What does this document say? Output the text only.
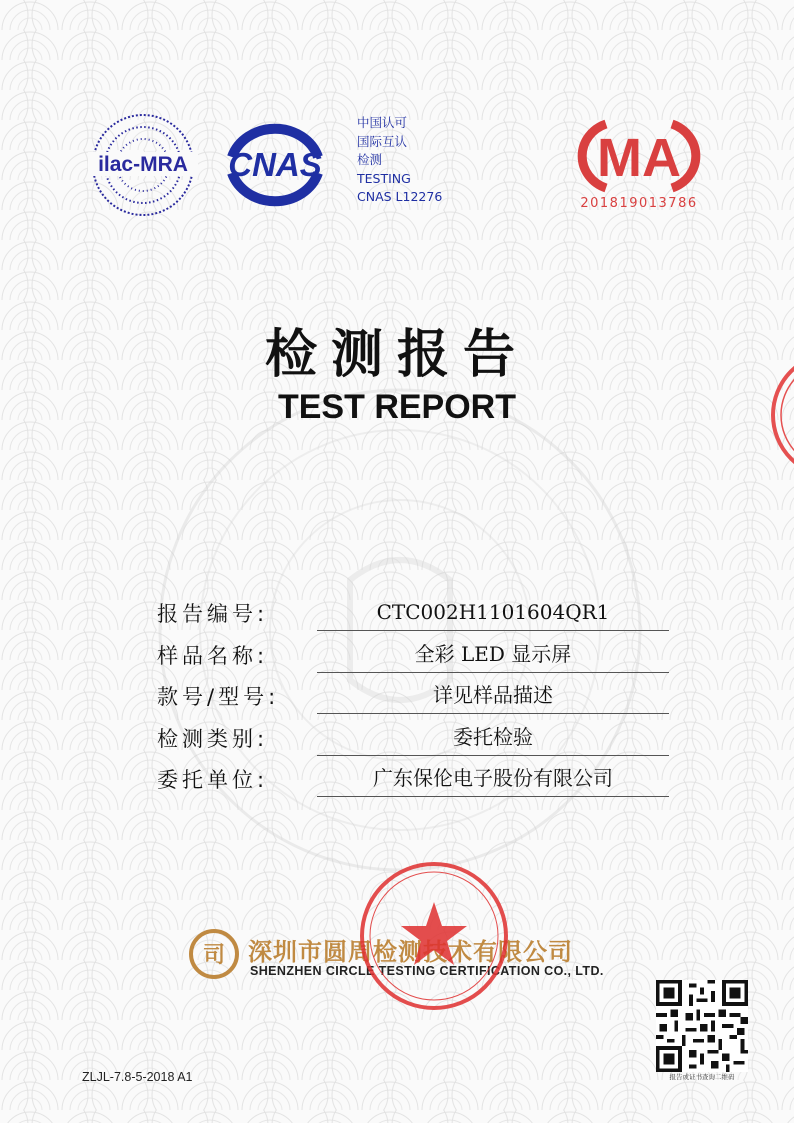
ilac-MRA CNAS
中国认可
国际互认
检测
TESTING
CNAS L12276
MA
201819013786
检测报告
TEST REPORT
报告编号:	CTC002H1101604QR1
样品名称:	全彩 LED 显示屏
款号/型号:	详见样品描述
检测类别:	委托检验
委托单位:	广东保伦电子股份有限公司
司 深圳市圆周检测技术有限公司
SHENZHEN CIRCLE TESTING CERTIFICATION CO., LTD.
报告或证书查询二维码
ZLJL-7.8-5-2018 A1
